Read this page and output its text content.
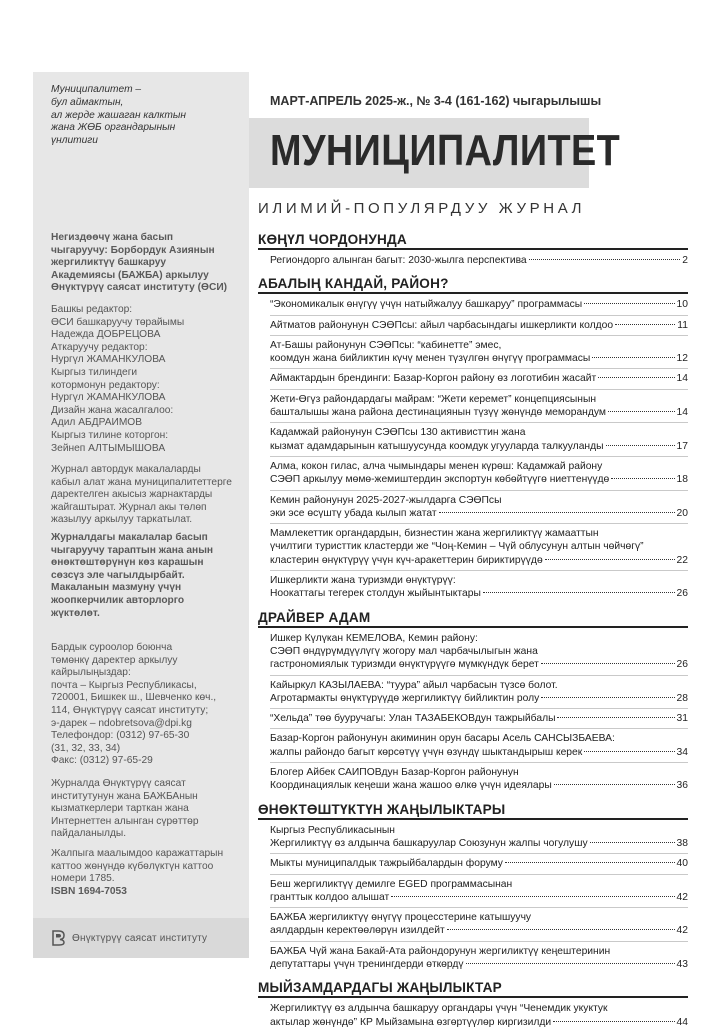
Муниципалитет –
бул аймактын,
ал жерде жашаган калктын
жана ЖӨБ органдарынын
үнлитиги
Негиздөөчү жана басып
чыгаруучу: Борбордук Азиянын
жергиликтүү башкаруу
Академиясы (БАЖБА) аркылуу
Өнүктүрүү саясат институту (ӨСИ)
Башкы редактор:
ӨСИ башкаруучу төрайымы
Надежда ДОБРЕЦОВА
Аткаруучу редактор:
Нургүл ЖАМАНКУЛОВА
Кыргыз тилиндеги
котормонун редактору:
Нургүл ЖАМАНКУЛОВА
Дизайн жана жасалгалоо:
Адил АБДРАИМОВ
Кыргыз тилине которгон:
Зейнеп АЛТЫМЫШОВА
Журнал автордук макалаларды
кабыл алат жана муниципалитеттерге
даректелген акысыз жарнактарды
жайгаштырат. Журнал акы төлөп
жазылуу аркылуу таркатылат.
Журналдагы макалалар басып
чыгаруучу тараптын жана анын
өнөктөштөрүнүн көз карашын
сөзсүз эле чагылдырбайт.
Макаланын мазмуну үчүн
жоопкерчилик авторлорго
жүктөлөт.
Бардык суроолор боюнча
төмөнкү даректер аркылуу
кайрылыңыздар:
почта – Кыргыз Республикасы,
720001, Бишкек ш., Шевченко көч.,
114, Өнүктүрүү саясат институту;
э-дарек – ndobretsova@dpi.kg
Телефондор: (0312) 97-65-30
(31, 32, 33, 34)
Факс: (0312) 97-65-29
Журналда Өнүктүрүү саясат
институтунун жана БАЖБАнын
кызматкерлери тарткан жана
Интернеттен алынган сүрөттөр
пайдаланылды.
Жалпыга маалымдоо каражаттарын
каттоо жөнүндө күбөлүктүн каттоо
номери 1785.
ISBN 1694-7053
Өнүктүрүү саясат институту
МАРТ-АПРЕЛЬ 2025-ж., № 3-4 (161-162) чыгарылышы
МУНИЦИПАЛИТЕТ
ИЛИМИЙ-ПОПУЛЯРДУУ ЖУРНАЛ
КӨҢҮЛ ЧОРДОНУНДА
Региондорго алынган багыт: 2030-жылга перспектива	2
АБАЛЫҢ КАНДАЙ, РАЙОН?
“Экономикалык өнүгүү үчүн натыйжалуу башкаруу” программасы	10
Айтматов районунун СЭӨПсы: айыл чарбасындагы ишкерликти колдоо	11
Ат-Башы районунун СЭӨПсы: “кабинетте” эмес,
коомдун жана бийликтин күчү менен түзүлгөн өнүгүү программасы	12
Аймактардын брендинги: Базар-Коргон району өз логотибин жасайт	14
Жети-Өгүз райондардагы майрам: “Жети керемет” концепциясынын
башталышы жана района дестинациянын түзүү жөнүндө меморандум	14
Кадамжай районунун СЭӨПсы 130 активисттин жана
кызмат адамдарынын катышуусунда коомдук угуулардa талкууланды	17
Алма, кокон гилас, алча чымындары менен күрөш: Кадамжай району
СЭӨП аркылуу мөмө-жемиштердин экспортун көбөйтүүгө ниеттенүүдө	18
Кемин районунун 2025-2027-жылдарга СЭӨПсы
эки эсе өсүштү убада кылып жатат	20
Мамлекеттик органдардын, бизнестин жана жергиликтүү жамааттын
үчилтиги туристтик кластерди же “Чоң-Кемин – Чүй облусунун алтын чөйчөгү”
кластерин өнүктүрүү үчүн күч-аракеттерин бириктирүүдө	22
Ишкерликти жана туризмди өнүктүрүү:
Ноокаттагы тегерек столдун жыйынтыктары	26
ДРАЙВЕР АДАМ
Ишкер Күлүкан КЕМЕЛОВА, Кемин району:
СЭӨП өндүрүмдүүлүгү жогору мал чарбачылыгын жана
гастрономиялык туризмди өнүктүрүүгө мүмкүндүк берет	26
Кайыркул КАЗЫЛАЕВА: “туура” айыл чарбасын түзсө болот.
Агротармакты өнүктүрүүдө жергиликтүү бийликтин ролу	28
“Хельда” төө бууручагы: Улан ТАЗАБЕКОВдун тажрыйбалы	31
Базар-Коргон районунун акиминин орун басары Асель САНСЫЗБАЕВА:
жалпы райондо багыт көрсөтүү үчүн өзүндү шыктандырыш керек	34
Блогер Айбек САИПОВдун Базар-Коргон районунун
Координациялык кеңеши жана жашоо өлкө үчүн идеялары	36
ӨНӨКТӨШТҮКТҮН ЖАҢЫЛЫКТАРЫ
Кыргыз Республикасынын
Жергиликтүү өз алдынча башкаруулар Союзунун жалпы чогулушу	38
Мыкты муниципалдык тажрыйбалардын форуму	40
Беш жергиликтүү демилге EGED программасынан
гранттык колдоо алышат	42
БАЖБА жергиликтүү өнүгүү процесстерине катышуучу
аялдардын керектөөлөрүн изилдейт	42
БАЖБА Чүй жана Бакай-Ата райондорунун жергиликтүү кеңештеринин
депутаттары үчүн тренингдерди өткөрдү	43
МЫЙЗАМДАРДАГЫ ЖАҢЫЛЫКТАР
Жергиликтүү өз алдынча башкаруу органдары үчүн “Ченемдик укуктук
актылар жөнүндө” КР Мыйзамына өзгөртүүлөр киргизилди	44
